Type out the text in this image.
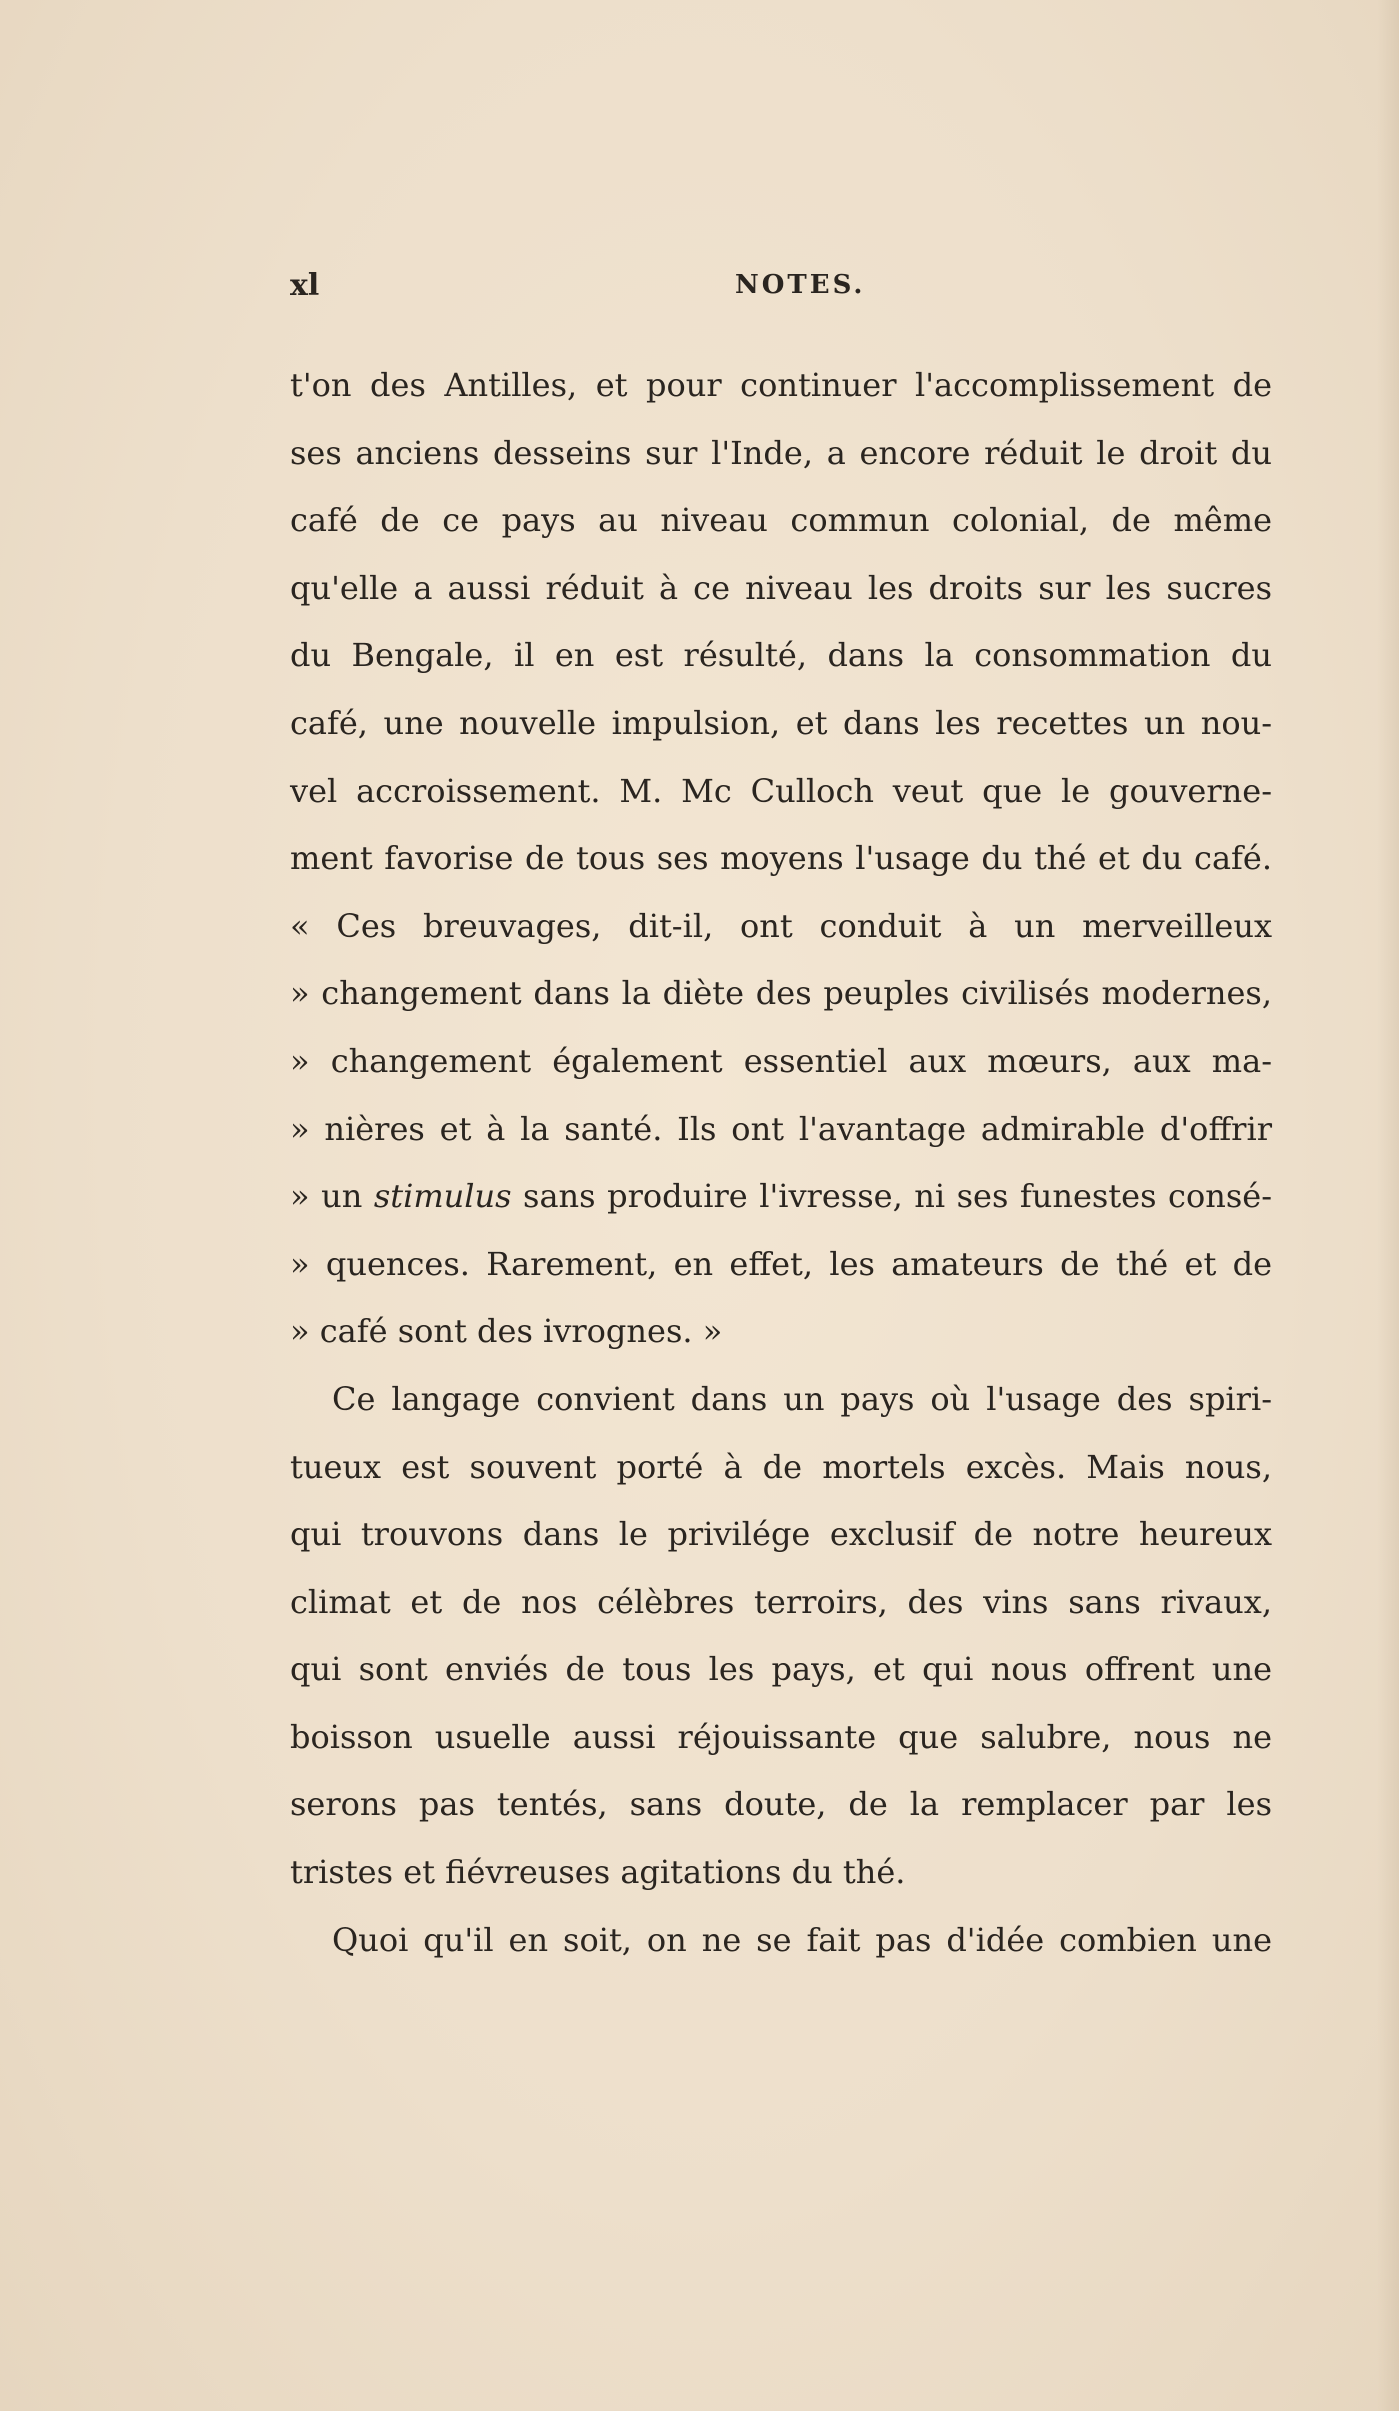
xl	NOTES.
t'on des Antilles, et pour continuer l'accomplissement de
ses anciens desseins sur l'Inde, a encore réduit le droit du
café de ce pays au niveau commun colonial, de même
qu'elle a aussi réduit à ce niveau les droits sur les sucres
du Bengale, il en est résulté, dans la consommation du
café, une nouvelle impulsion, et dans les recettes un nou-
vel accroissement. M. Mc Culloch veut que le gouverne-
ment favorise de tous ses moyens l'usage du thé et du café.
« Ces breuvages, dit-il, ont conduit à un merveilleux
» changement dans la diète des peuples civilisés modernes,
» changement également essentiel aux mœurs, aux ma-
» nières et à la santé. Ils ont l'avantage admirable d'offrir
» un stimulus sans produire l'ivresse, ni ses funestes consé-
» quences. Rarement, en effet, les amateurs de thé et de
» café sont des ivrognes. »
Ce langage convient dans un pays où l'usage des spiri-
tueux est souvent porté à de mortels excès. Mais nous,
qui trouvons dans le privilége exclusif de notre heureux
climat et de nos célèbres terroirs, des vins sans rivaux,
qui sont enviés de tous les pays, et qui nous offrent une
boisson usuelle aussi réjouissante que salubre, nous ne
serons pas tentés, sans doute, de la remplacer par les
tristes et fiévreuses agitations du thé.
Quoi qu'il en soit, on ne se fait pas d'idée combien une
